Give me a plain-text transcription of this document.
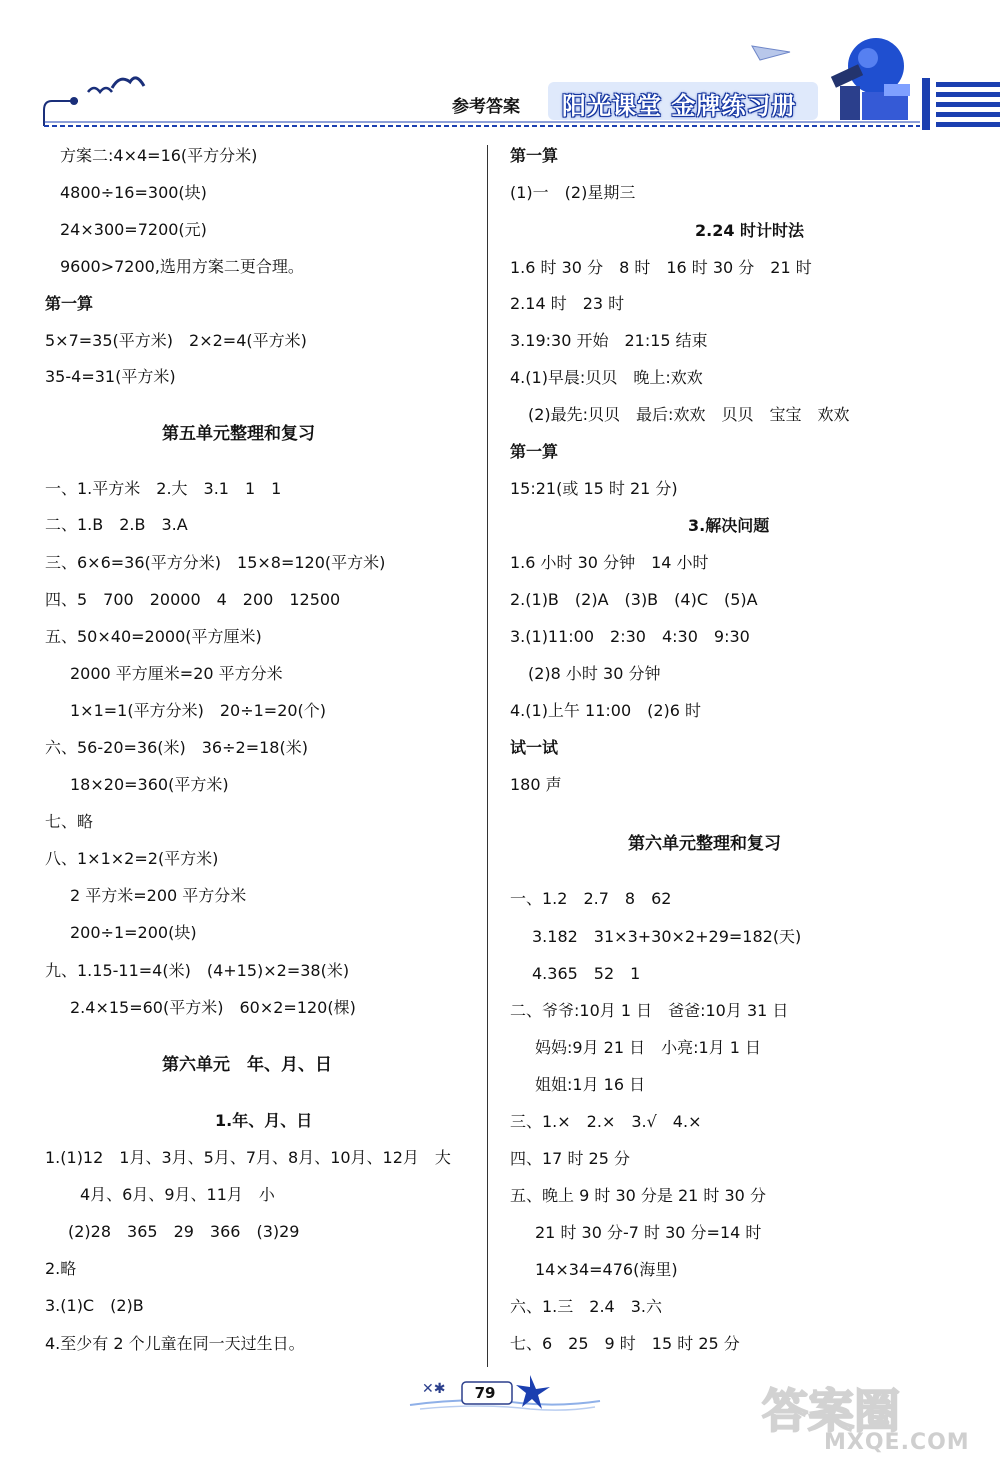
参考答案 阳光课堂 金牌练习册
方案二:4×4=16(平方分米)
4800÷16=300(块)
24×300=7200(元)
9600>7200,选用方案二更合理。
第一算
5×7=35(平方米)　2×2=4(平方米)
35-4=31(平方米)
第五单元整理和复习
一、1.平方米　2.大　3.1　1　1
二、1.B　2.B　3.A
三、6×6=36(平方分米)　15×8=120(平方米)
四、5　700　20000　4　200　12500
五、50×40=2000(平方厘米)
2000 平方厘米=20 平方分米
1×1=1(平方分米)　20÷1=20(个)
六、56-20=36(米)　36÷2=18(米)
18×20=360(平方米)
七、略
八、1×1×2=2(平方米)
2 平方米=200 平方分米
200÷1=200(块)
九、1.15-11=4(米)　(4+15)×2=38(米)
2.4×15=60(平方米)　60×2=120(棵)
第六单元　年、月、日
1.年、月、日
1.(1)12　1月、3月、5月、7月、8月、10月、12月　大
4月、6月、9月、11月　小
(2)28　365　29　366　(3)29
2.略
3.(1)C　(2)B
4.至少有 2 个儿童在同一天过生日。
第一算
(1)一　(2)星期三
2.24 时计时法
1.6 时 30 分　8 时　16 时 30 分　21 时
2.14 时　23 时
3.19:30 开始　21:15 结束
4.(1)早晨:贝贝　晚上:欢欢
(2)最先:贝贝　最后:欢欢　贝贝　宝宝　欢欢
第一算
15:21(或 15 时 21 分)
3.解决问题
1.6 小时 30 分钟　14 小时
2.(1)B　(2)A　(3)B　(4)C　(5)A
3.(1)11:00　2:30　4:30　9:30
(2)8 小时 30 分钟
4.(1)上午 11:00　(2)6 时
试一试
180 声
第六单元整理和复习
一、1.2　2.7　8　62
3.182　31×3+30×2+29=182(天)
4.365　52　1
二、爷爷:10月 1 日　爸爸:10月 31 日
妈妈:9月 21 日　小亮:1月 1 日
姐姐:1月 16 日
三、1.×　2.×　3.√　4.×
四、17 时 25 分
五、晚上 9 时 30 分是 21 时 30 分
21 时 30 分-7 时 30 分=14 时
14×34=476(海里)
六、1.三　2.4　3.六
七、6　25　9 时　15 时 25 分
✕✱	79	答案圈
MXQE.COM
